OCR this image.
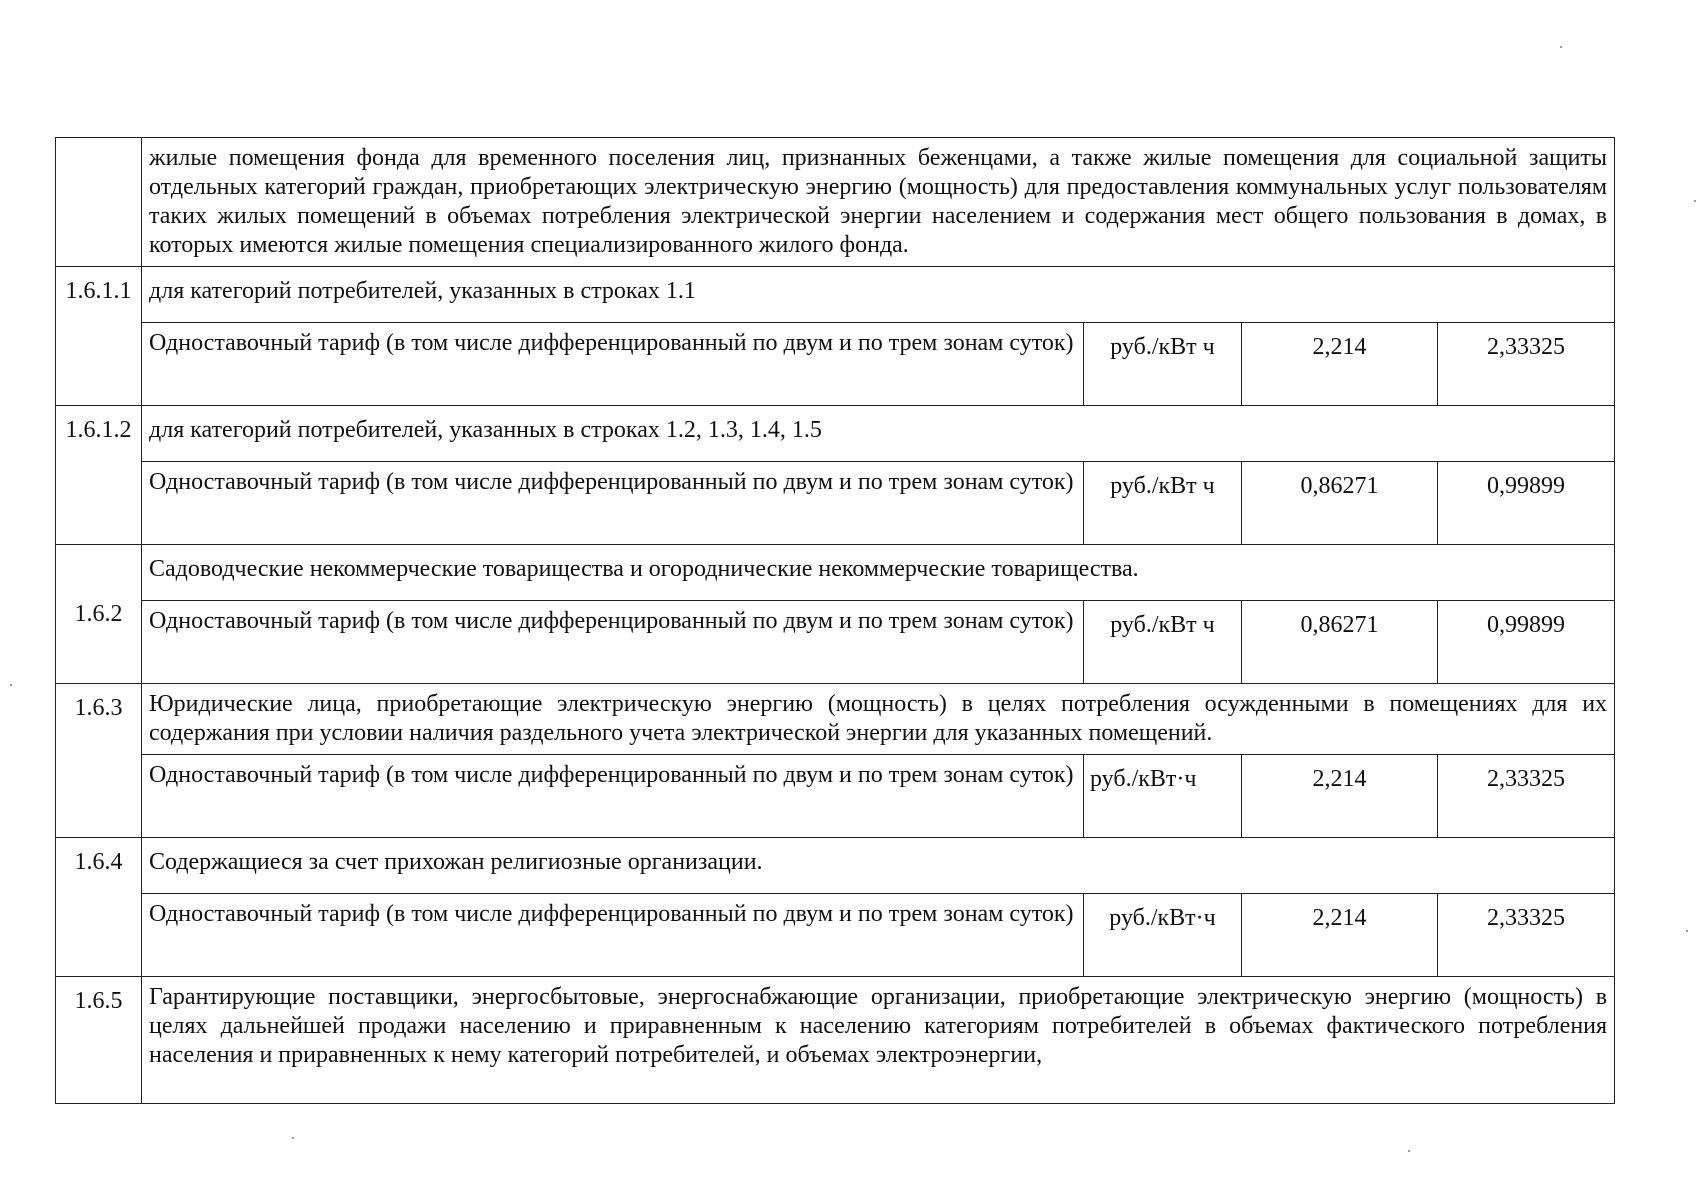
	жилые помещения фонда для временного поселения лиц, признанных беженцами, а также жилые помещения для социальной защиты отдельных категорий граждан, приобретающих электрическую энергию (мощность) для предоставления коммунальных услуг пользователям таких жилых помещений в объемах потребления электрической энергии населением и содержания мест общего пользования в домах, в которых имеются жилые помещения специализированного жилого фонда.			
1.6.1.1	для категорий потребителей, указанных в строках 1.1			
	Одноставочный тариф (в том числе дифференцированный по двум и по трем зонам суток)	руб./кВт ч	2,214	2,33325
1.6.1.2	для категорий потребителей, указанных в строках 1.2, 1.3, 1.4, 1.5			
	Одноставочный тариф (в том числе дифференцированный по двум и по трем зонам суток)	руб./кВт ч	0,86271	0,99899
1.6.2	Садоводческие некоммерческие товарищества и огороднические некоммерческие товарищества.			
	Одноставочный тариф (в том числе дифференцированный по двум и по трем зонам суток)	руб./кВт ч	0,86271	0,99899
1.6.3	Юридические лица, приобретающие электрическую энергию (мощность) в целях потребления осужденными в помещениях для их содержания при условии наличия раздельного учета электрической энергии для указанных помещений.			
	Одноставочный тариф (в том числе дифференцированный по двум и по трем зонам суток)	руб./кВт·ч	2,214	2,33325
1.6.4	Содержащиеся за счет прихожан религиозные организации.			
	Одноставочный тариф (в том числе дифференцированный по двум и по трем зонам суток)	руб./кВт·ч	2,214	2,33325
1.6.5	Гарантирующие поставщики, энергосбытовые, энергоснабжающие организации, приобретающие электрическую энергию (мощность) в целях дальнейшей продажи населению и приравненным к населению категориям потребителей в объемах фактического потребления населения и приравненных к нему категорий потребителей, и объемах электроэнергии,			
